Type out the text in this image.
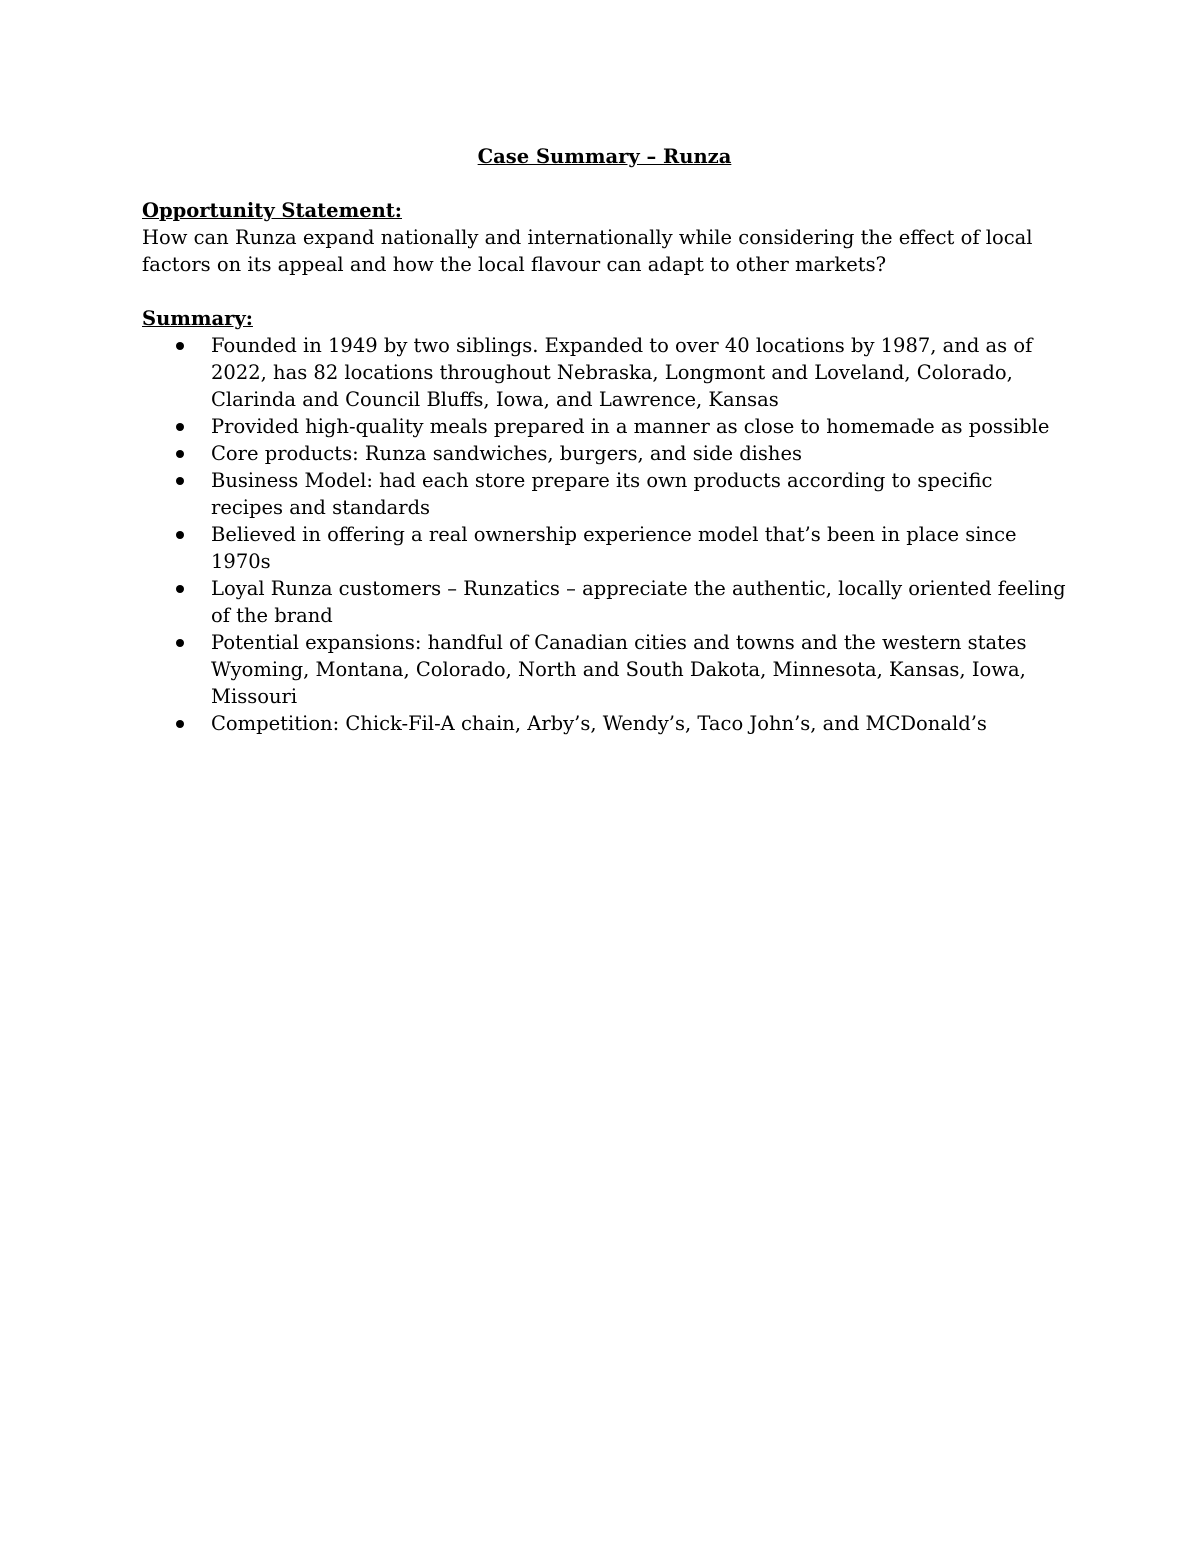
Case Summary – Runza
Opportunity Statement:
How can Runza expand nationally and internationally while considering the effect of local factors on its appeal and how the local flavour can adapt to other markets?
Summary:
Founded in 1949 by two siblings. Expanded to over 40 locations by 1987, and as of 2022, has 82 locations throughout Nebraska, Longmont and Loveland, Colorado, Clarinda and Council Bluffs, Iowa, and Lawrence, Kansas
Provided high-quality meals prepared in a manner as close to homemade as possible
Core products: Runza sandwiches, burgers, and side dishes
Business Model: had each store prepare its own products according to specific recipes and standards
Believed in offering a real ownership experience model that’s been in place since 1970s
Loyal Runza customers – Runzatics – appreciate the authentic, locally oriented feeling of the brand
Potential expansions: handful of Canadian cities and towns and the western states Wyoming, Montana, Colorado, North and South Dakota, Minnesota, Kansas, Iowa, Missouri
Competition: Chick-Fil-A chain, Arby’s, Wendy’s, Taco John’s, and MCDonald’s
